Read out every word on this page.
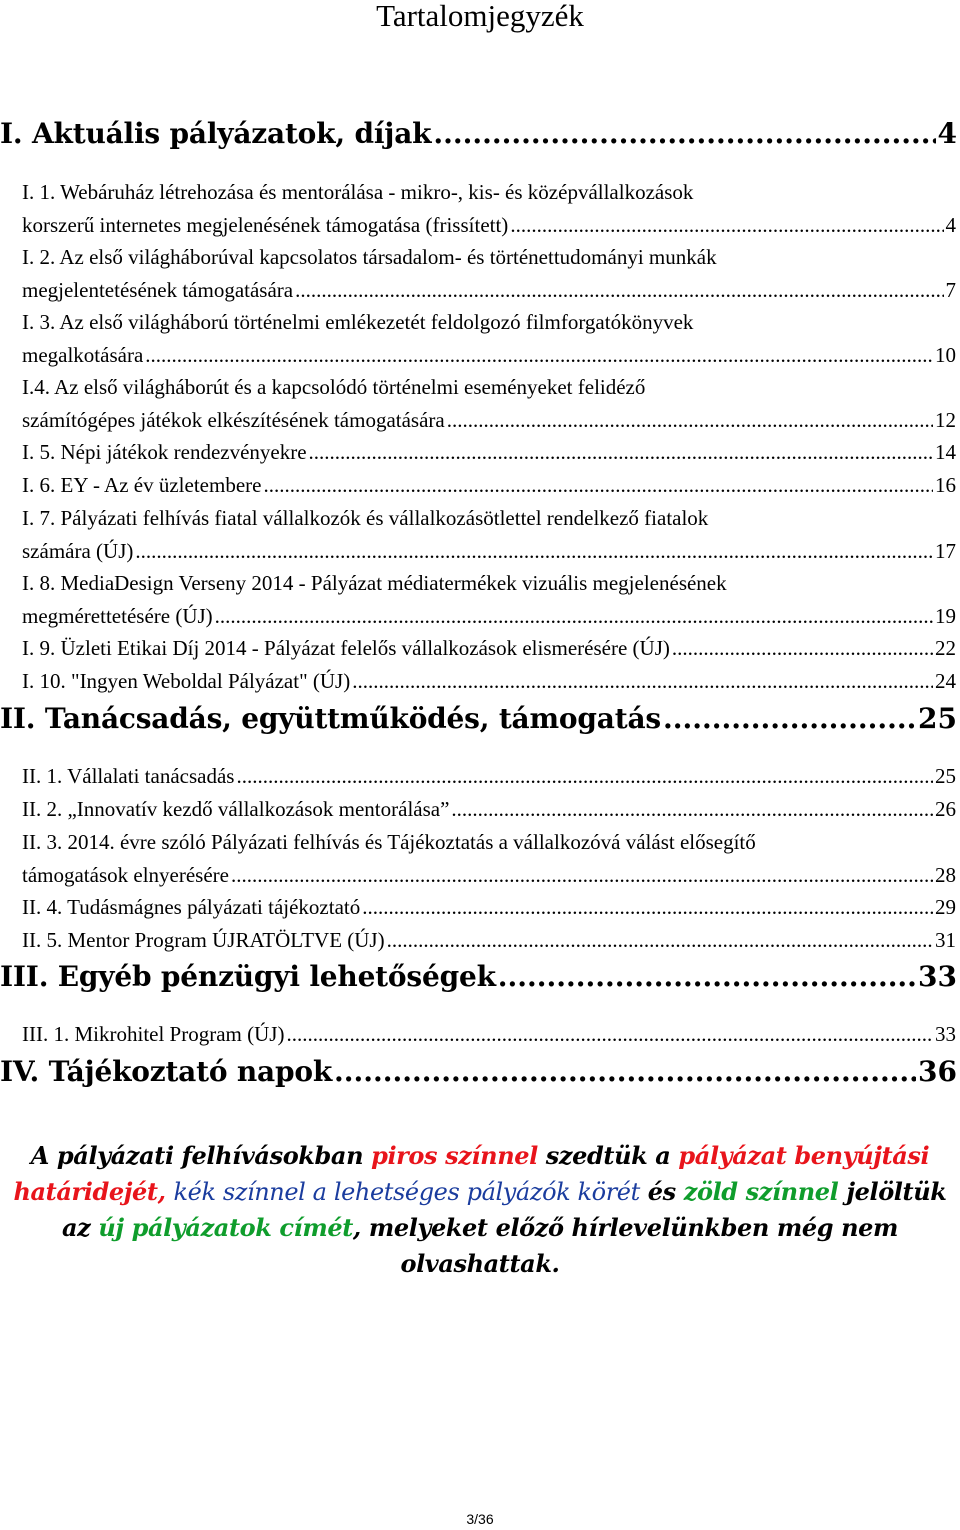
Tartalomjegyzék
I. Aktuális pályázatok, díjak .....	4
I. 1. Webáruház létrehozása és mentorálása - mikro-, kis- és középvállalkozások
korszerű internetes megjelenésének támogatása (frissített) .....	4
I. 2. Az első világháborúval kapcsolatos társadalom- és történettudományi munkák
megjelentetésének támogatására .....	7
I. 3. Az első világháború történelmi emlékezetét feldolgozó filmforgatókönyvek
megalkotására .....	10
I.4. Az első világháborút és a kapcsolódó történelmi eseményeket felidéző
számítógépes játékok elkészítésének támogatására .....	12
I. 5. Népi játékok rendezvényekre .....	14
I. 6. EY - Az év üzletembere .....	16
I. 7. Pályázati felhívás fiatal vállalkozók és vállalkozásötlettel rendelkező fiatalok
számára (ÚJ) .....	17
I. 8. MediaDesign Verseny 2014 - Pályázat médiatermékek vizuális megjelenésének
megmérettetésére (ÚJ) .....	19
I. 9. Üzleti Etikai Díj 2014 - Pályázat felelős vállalkozások elismerésére (ÚJ) .....	22
I. 10. "Ingyen Weboldal Pályázat" (ÚJ) .....	24
II. Tanácsadás, együttműködés, támogatás .....	25
II. 1. Vállalati tanácsadás .....	25
II. 2. „Innovatív kezdő vállalkozások mentorálása” .....	26
II. 3. 2014. évre szóló Pályázati felhívás és Tájékoztatás a vállalkozóvá válást elősegítő
támogatások elnyerésére .....	28
II. 4. Tudásmágnes pályázati tájékoztató .....	29
II. 5. Mentor Program ÚJRATÖLTVE (ÚJ) .....	31
III. Egyéb pénzügyi lehetőségek .....	33
III. 1. Mikrohitel Program (ÚJ) .....	33
IV. Tájékoztató napok .....	36
A pályázati felhívásokban piros színnel szedtük a pályázat benyújtási határidejét, kék színnel a lehetséges pályázók körét és zöld színnel jelöltük az új pályázatok címét, melyeket előző hírlevelünkben még nem olvashattak.
3/36
